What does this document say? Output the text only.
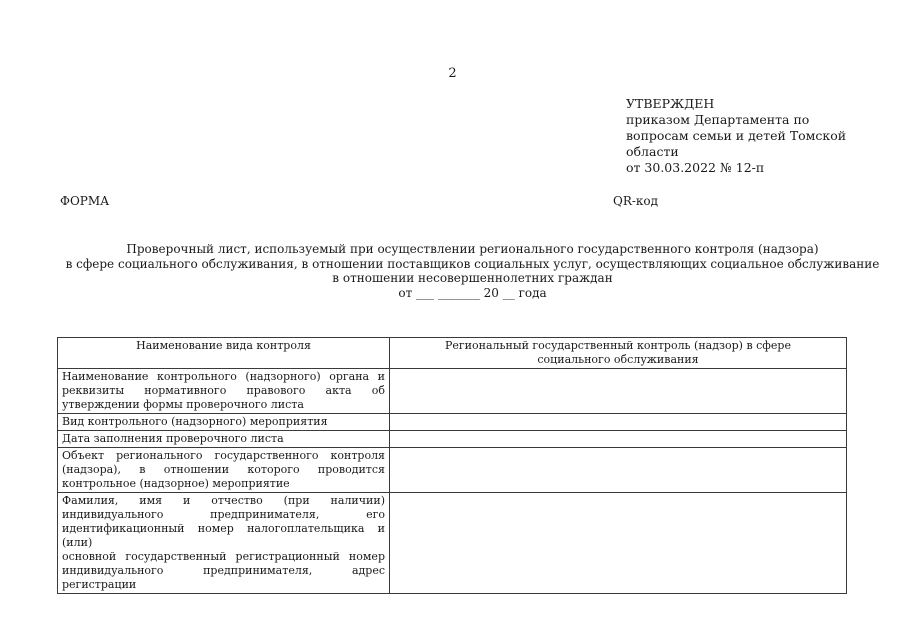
2
УТВЕРЖДЕН
приказом Департамента по
вопросам семьи и детей Томской
области
от 30.03.2022 № 12-п
ФОРМА	QR-код
Проверочный лист, используемый при осуществлении регионального государственного контроля (надзора)
в сфере социального обслуживания, в отношении поставщиков социальных услуг, осуществляющих социальное обслуживание
в отношении несовершеннолетних граждан
от ___ _______ 20 __ года
Наименование вида контроля	Региональный государственный контроль (надзор) в сфере
социального обслуживания

Наименование контрольного (надзорного) органа и
реквизиты нормативного правового акта об
утверждении формы проверочного листа	

Вид контрольного (надзорного) мероприятия	

Дата заполнения проверочного листа	

Объект регионального государственного контроля
(надзора), в отношении которого проводится
контрольное (надзорное) мероприятие	

Фамилия, имя и отчество (при наличии)
индивидуального предпринимателя, его
идентификационный номер налогоплательщика и (или)
основной государственный регистрационный номер
индивидуального предпринимателя, адрес регистрации	
